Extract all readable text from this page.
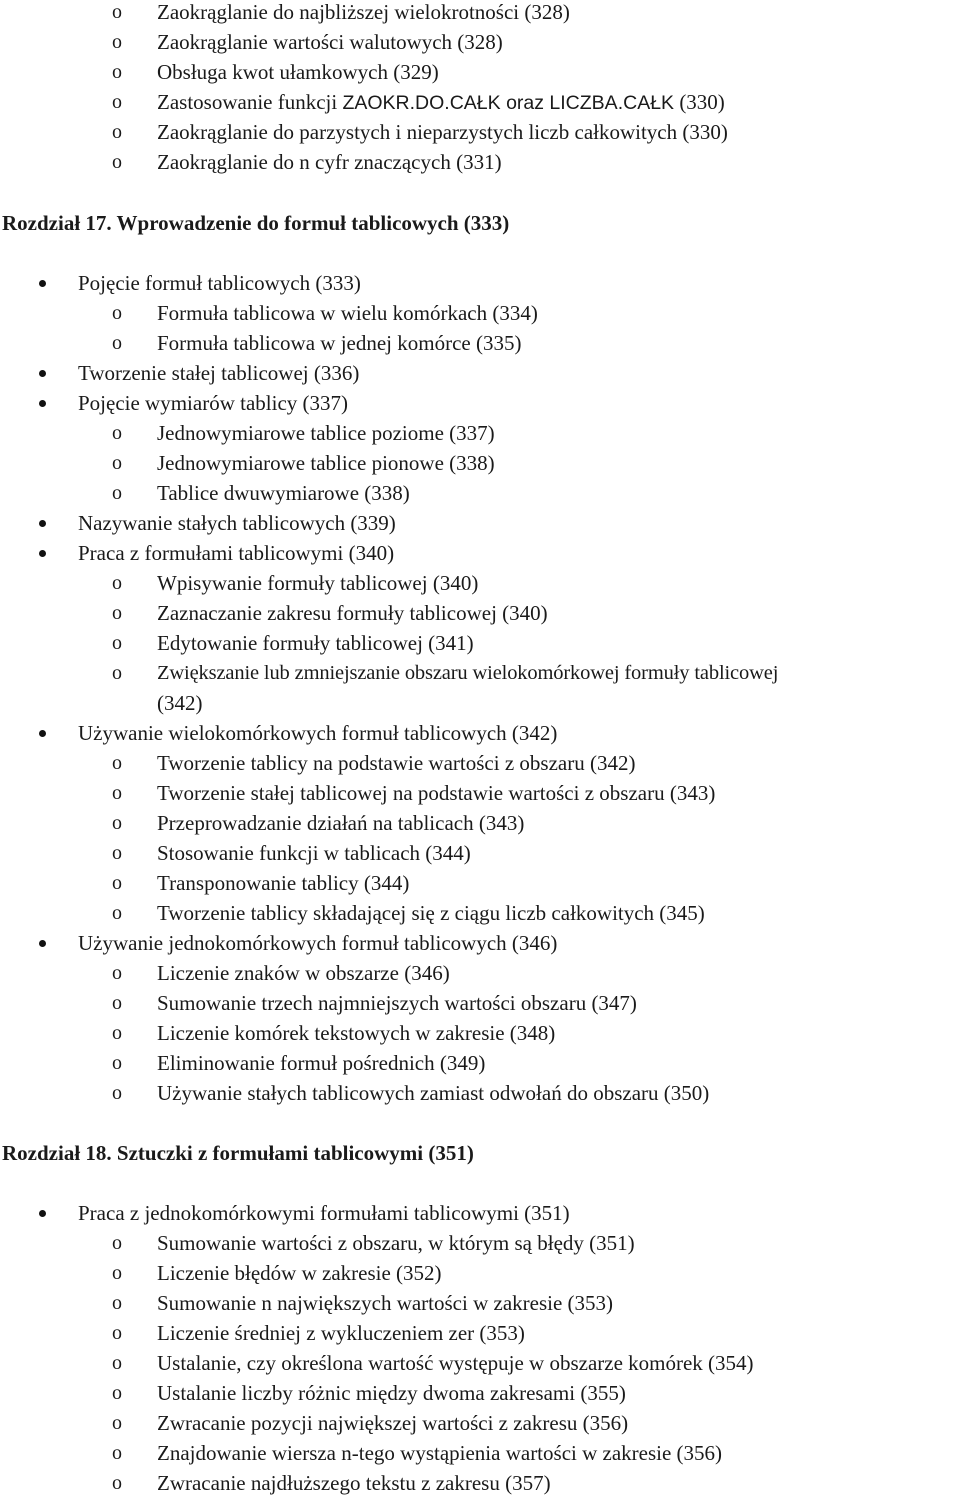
o Zaokrąglanie do najbliższej wielokrotności (328)
o Zaokrąglanie wartości walutowych (328)
o Obsługa kwot ułamkowych (329)
o Zastosowanie funkcji ZAOKR.DO.CAŁK oraz LICZBA.CAŁK (330)
o Zaokrąglanie do parzystych i nieparzystych liczb całkowitych (330)
o Zaokrąglanie do n cyfr znaczących (331)
Rozdział 17. Wprowadzenie do formuł tablicowych (333)
Pojęcie formuł tablicowych (333)
o Formuła tablicowa w wielu komórkach (334)
o Formuła tablicowa w jednej komórce (335)
Tworzenie stałej tablicowej (336)
Pojęcie wymiarów tablicy (337)
o Jednowymiarowe tablice poziome (337)
o Jednowymiarowe tablice pionowe (338)
o Tablice dwuwymiarowe (338)
Nazywanie stałych tablicowych (339)
Praca z formułami tablicowymi (340)
o Wpisywanie formuły tablicowej (340)
o Zaznaczanie zakresu formuły tablicowej (340)
o Edytowanie formuły tablicowej (341)
o Zwiększanie lub zmniejszanie obszaru wielokomórkowej formuły tablicowej
(342)
Używanie wielokomórkowych formuł tablicowych (342)
o Tworzenie tablicy na podstawie wartości z obszaru (342)
o Tworzenie stałej tablicowej na podstawie wartości z obszaru (343)
o Przeprowadzanie działań na tablicach (343)
o Stosowanie funkcji w tablicach (344)
o Transponowanie tablicy (344)
o Tworzenie tablicy składającej się z ciągu liczb całkowitych (345)
Używanie jednokomórkowych formuł tablicowych (346)
o Liczenie znaków w obszarze (346)
o Sumowanie trzech najmniejszych wartości obszaru (347)
o Liczenie komórek tekstowych w zakresie (348)
o Eliminowanie formuł pośrednich (349)
o Używanie stałych tablicowych zamiast odwołań do obszaru (350)
Rozdział 18. Sztuczki z formułami tablicowymi (351)
Praca z jednokomórkowymi formułami tablicowymi (351)
o Sumowanie wartości z obszaru, w którym są błędy (351)
o Liczenie błędów w zakresie (352)
o Sumowanie n największych wartości w zakresie (353)
o Liczenie średniej z wykluczeniem zer (353)
o Ustalanie, czy określona wartość występuje w obszarze komórek (354)
o Ustalanie liczby różnic między dwoma zakresami (355)
o Zwracanie pozycji największej wartości z zakresu (356)
o Znajdowanie wiersza n-tego wystąpienia wartości w zakresie (356)
o Zwracanie najdłuższego tekstu z zakresu (357)
